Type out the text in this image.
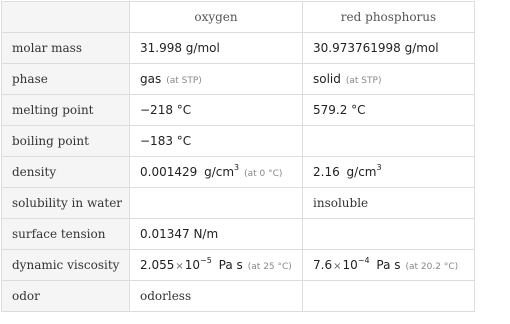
	oxygen	red phosphorus
molar mass	31.998 g/mol	30.973761998 g/mol
phase	gas (at STP)	solid (at STP)
melting point	−218 °C	579.2 °C
boiling point	−183 °C	
density	0.001429 $g/cm^3(at$ 0 °C)	2.16 $g/cm^3$
solubility in water		insoluble
surface tension	0.01347 N/m	
dynamic viscosity	$2.055\times 10^{-5}$ Pa s (at 25 °C)	$7.6\times 10^{-4}$ Pa s (at 20.2 °C)
odor	odorless	
